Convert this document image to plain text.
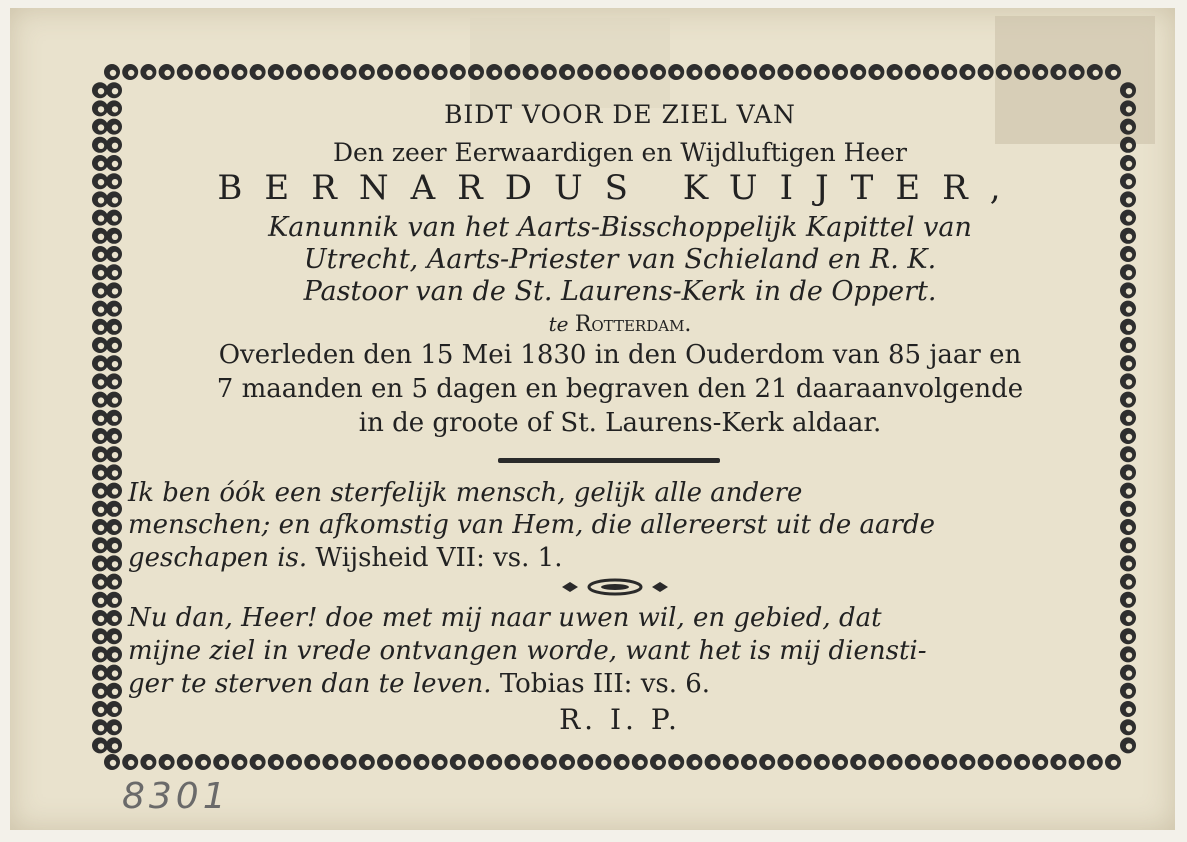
BIDT VOOR DE ZIEL VAN
Den zeer Eerwaardigen en Wijdluftigen Heer
BERNARDUS KUIJTER,
Kanunnik van het Aarts-Bisschoppelijk Kapittel van
Utrecht, Aarts-Priester van Schieland en R. K.
Pastoor van de St. Laurens-Kerk in de Oppert.
te Rotterdam.
Overleden den 15 Mei 1830 in den Ouderdom van 85 jaar en
7 maanden en 5 dagen en begraven den 21 daaraanvolgende
in de groote of St. Laurens-Kerk aldaar.
Ik ben óók een sterfelijk mensch, gelijk alle andere
menschen; en afkomstig van Hem, die allereerst uit de aarde
geschapen is. Wijsheid VII: vs. 1.
Nu dan, Heer! doe met mij naar uwen wil, en gebied, dat
mijne ziel in vrede ontvangen worde, want het is mij diensti-
ger te sterven dan te leven. Tobias III: vs. 6.
R. I. P.
8301
